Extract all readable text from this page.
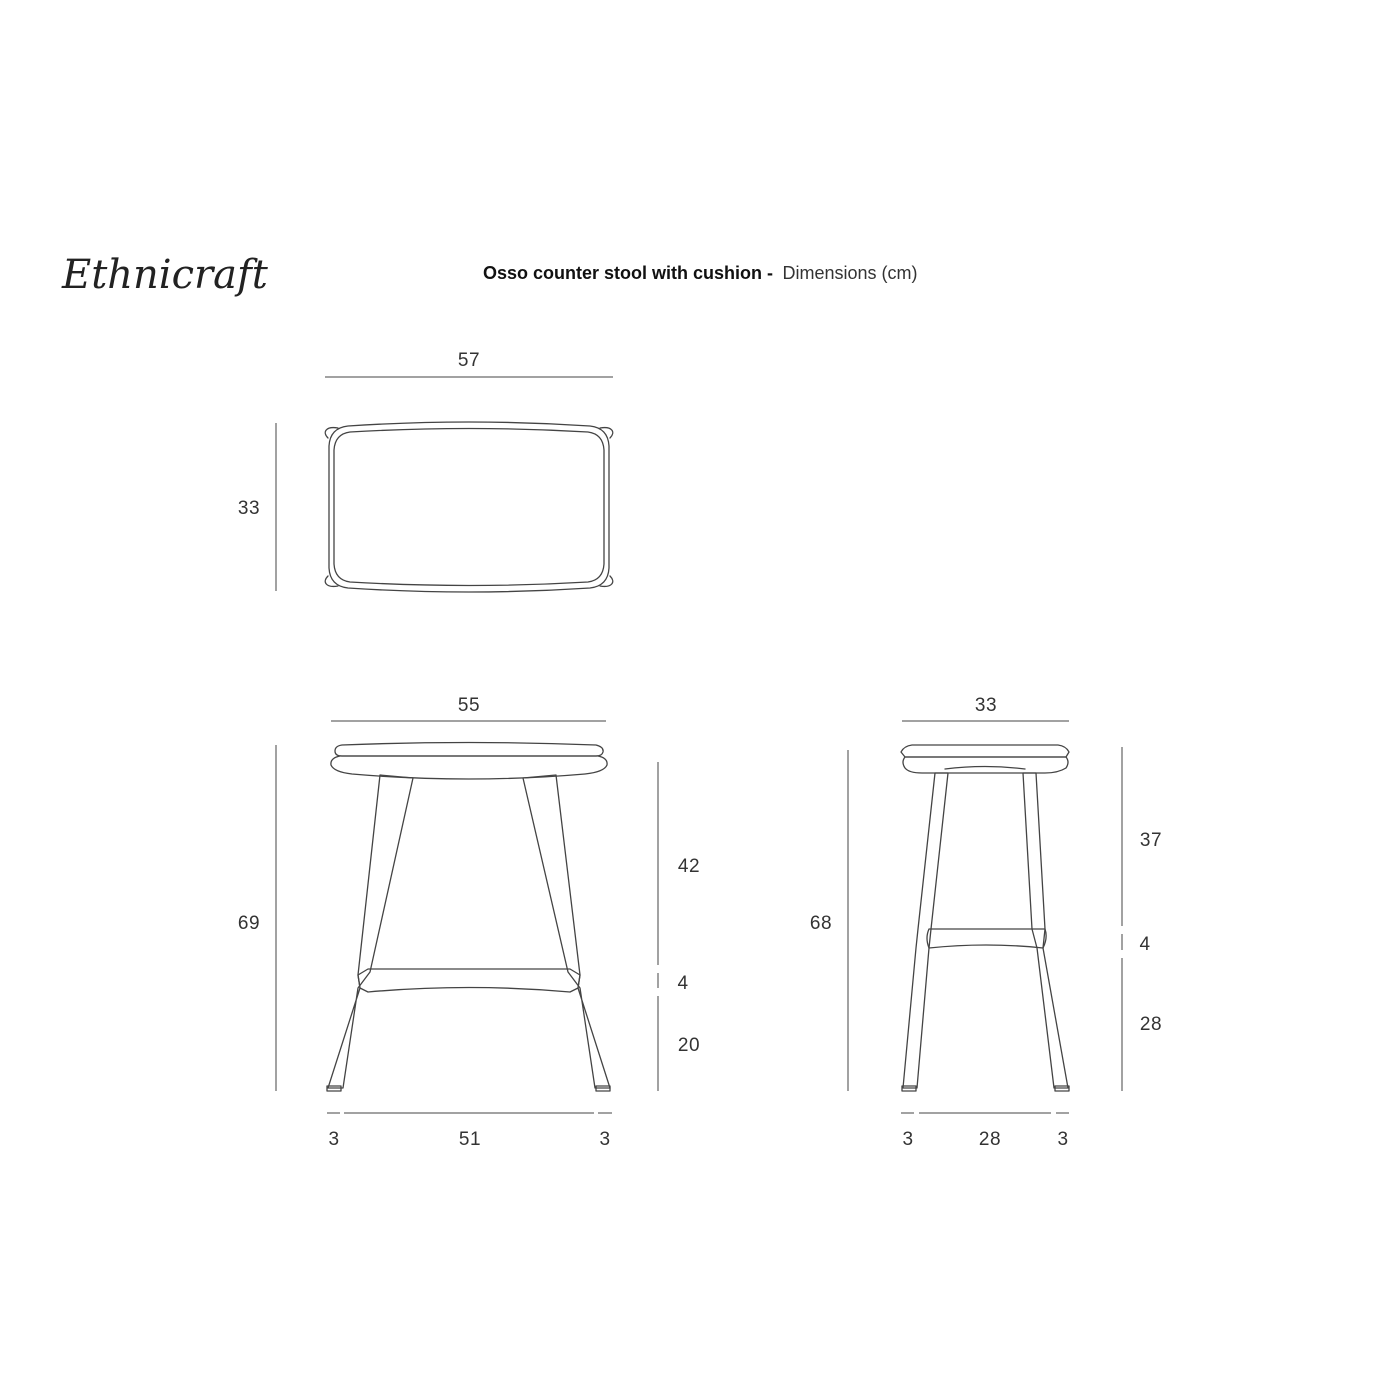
Ethnicraft	Osso counter stool with cushion - Dimensions (cm)
57
33
55
69
42
4
20
3	51	3
33
68
37
4
28
3	28	3
